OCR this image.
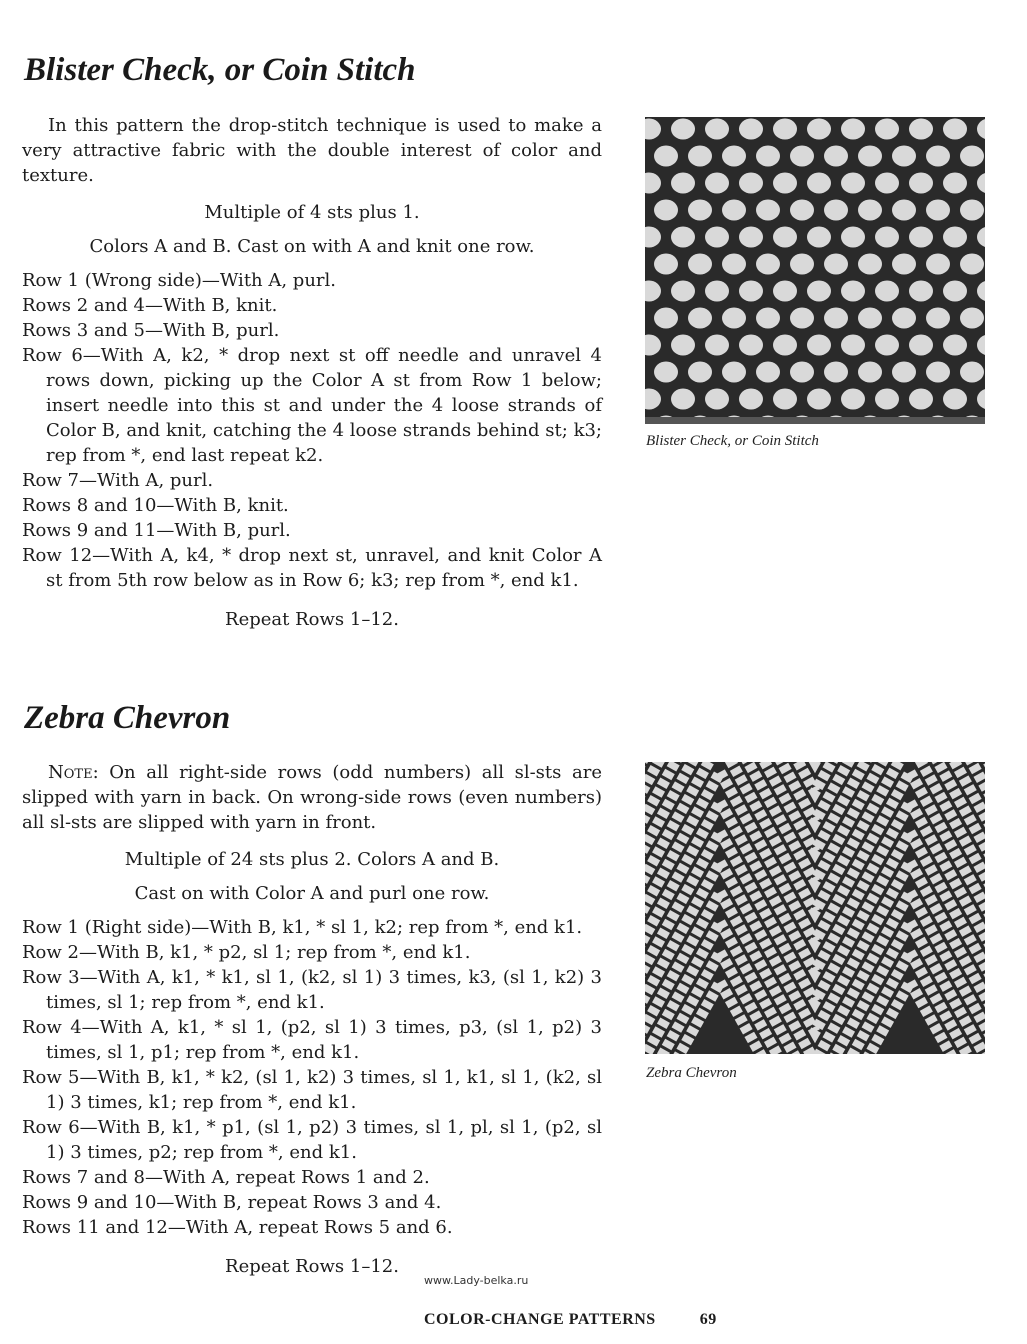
Blister Check, or Coin Stitch

In this pattern the drop-stitch technique is used to make a very attractive fabric with the double interest of color and texture.

Multiple of 4 sts plus 1.

Colors A and B. Cast on with A and knit one row.

Row 1 (Wrong side)—With A, purl.
Rows 2 and 4—With B, knit.
Rows 3 and 5—With B, purl.
Row 6—With A, k2, * drop next st off needle and unravel 4 rows down, picking up the Color A st from Row 1 below; insert needle into this st and under the 4 loose strands of Color B, and knit, catching the 4 loose strands behind st; k3; rep from *, end last repeat k2.
Row 7—With A, purl.
Rows 8 and 10—With B, knit.
Rows 9 and 11—With B, purl.
Row 12—With A, k4, * drop next st, unravel, and knit Color A st from 5th row below as in Row 6; k3; rep from *, end k1.

Repeat Rows 1–12.

Blister Check, or Coin Stitch
Zebra Chevron

Note: On all right-side rows (odd numbers) all sl-sts are slipped with yarn in back. On wrong-side rows (even numbers) all sl-sts are slipped with yarn in front.

Multiple of 24 sts plus 2. Colors A and B.

Cast on with Color A and purl one row.

Row 1 (Right side)—With B, k1, * sl 1, k2; rep from *, end k1.
Row 2—With B, k1, * p2, sl 1; rep from *, end k1.
Row 3—With A, k1, * k1, sl 1, (k2, sl 1) 3 times, k3, (sl 1, k2) 3 times, sl 1; rep from *, end k1.
Row 4—With A, k1, * sl 1, (p2, sl 1) 3 times, p3, (sl 1, p2) 3 times, sl 1, p1; rep from *, end k1.
Row 5—With B, k1, * k2, (sl 1, k2) 3 times, sl 1, k1, sl 1, (k2, sl 1) 3 times, k1; rep from *, end k1.
Row 6—With B, k1, * p1, (sl 1, p2) 3 times, sl 1, pl, sl 1, (p2, sl 1) 3 times, p2; rep from *, end k1.
Rows 7 and 8—With A, repeat Rows 1 and 2.
Rows 9 and 10—With B, repeat Rows 3 and 4.
Rows 11 and 12—With A, repeat Rows 5 and 6.

Repeat Rows 1–12.

Zebra Chevron
www.Lady-belka.ru
COLOR-CHANGE PATTERNS	69
